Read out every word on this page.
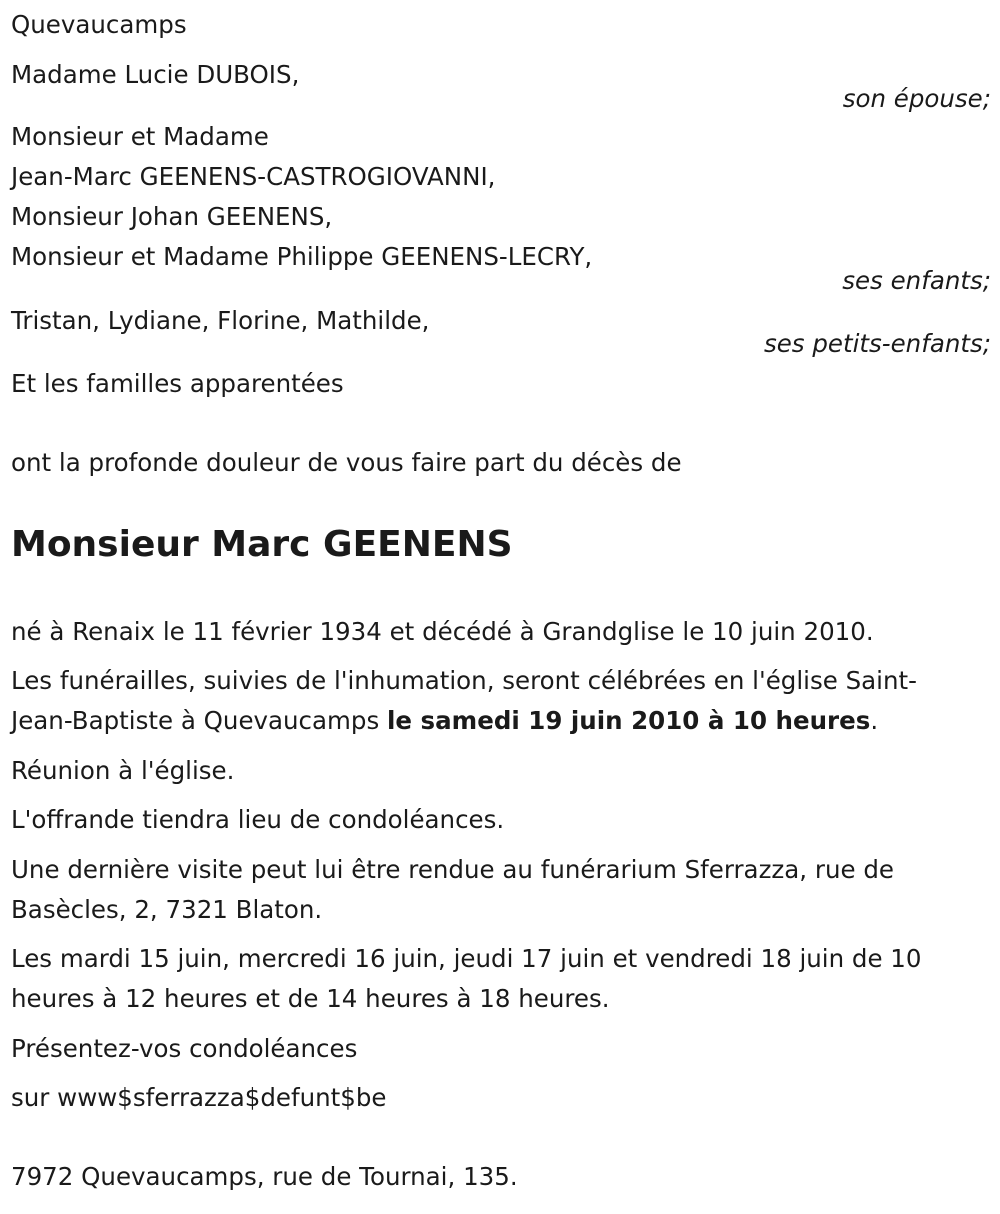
Quevaucamps
Madame Lucie DUBOIS,
son épouse;
Monsieur et Madame
Jean-Marc GEENENS-CASTROGIOVANNI,
Monsieur Johan GEENENS,
Monsieur et Madame Philippe GEENENS-LECRY,
ses enfants;
Tristan, Lydiane, Florine, Mathilde,
ses petits-enfants;
Et les familles apparentées
ont la profonde douleur de vous faire part du décès de
Monsieur Marc GEENENS
né à Renaix le 11 février 1934 et décédé à Grandglise le 10 juin 2010.
Les funérailles, suivies de l'inhumation, seront célébrées en l'église Saint-
Jean-Baptiste à Quevaucamps le samedi 19 juin 2010 à 10 heures.
Réunion à l'église.
L'offrande tiendra lieu de condoléances.
Une dernière visite peut lui être rendue au funérarium Sferrazza, rue de
Basècles, 2, 7321 Blaton.
Les mardi 15 juin, mercredi 16 juin, jeudi 17 juin et vendredi 18 juin de 10
heures à 12 heures et de 14 heures à 18 heures.
Présentez-vos condoléances
sur www$sferrazza$defunt$be
7972 Quevaucamps, rue de Tournai, 135.
